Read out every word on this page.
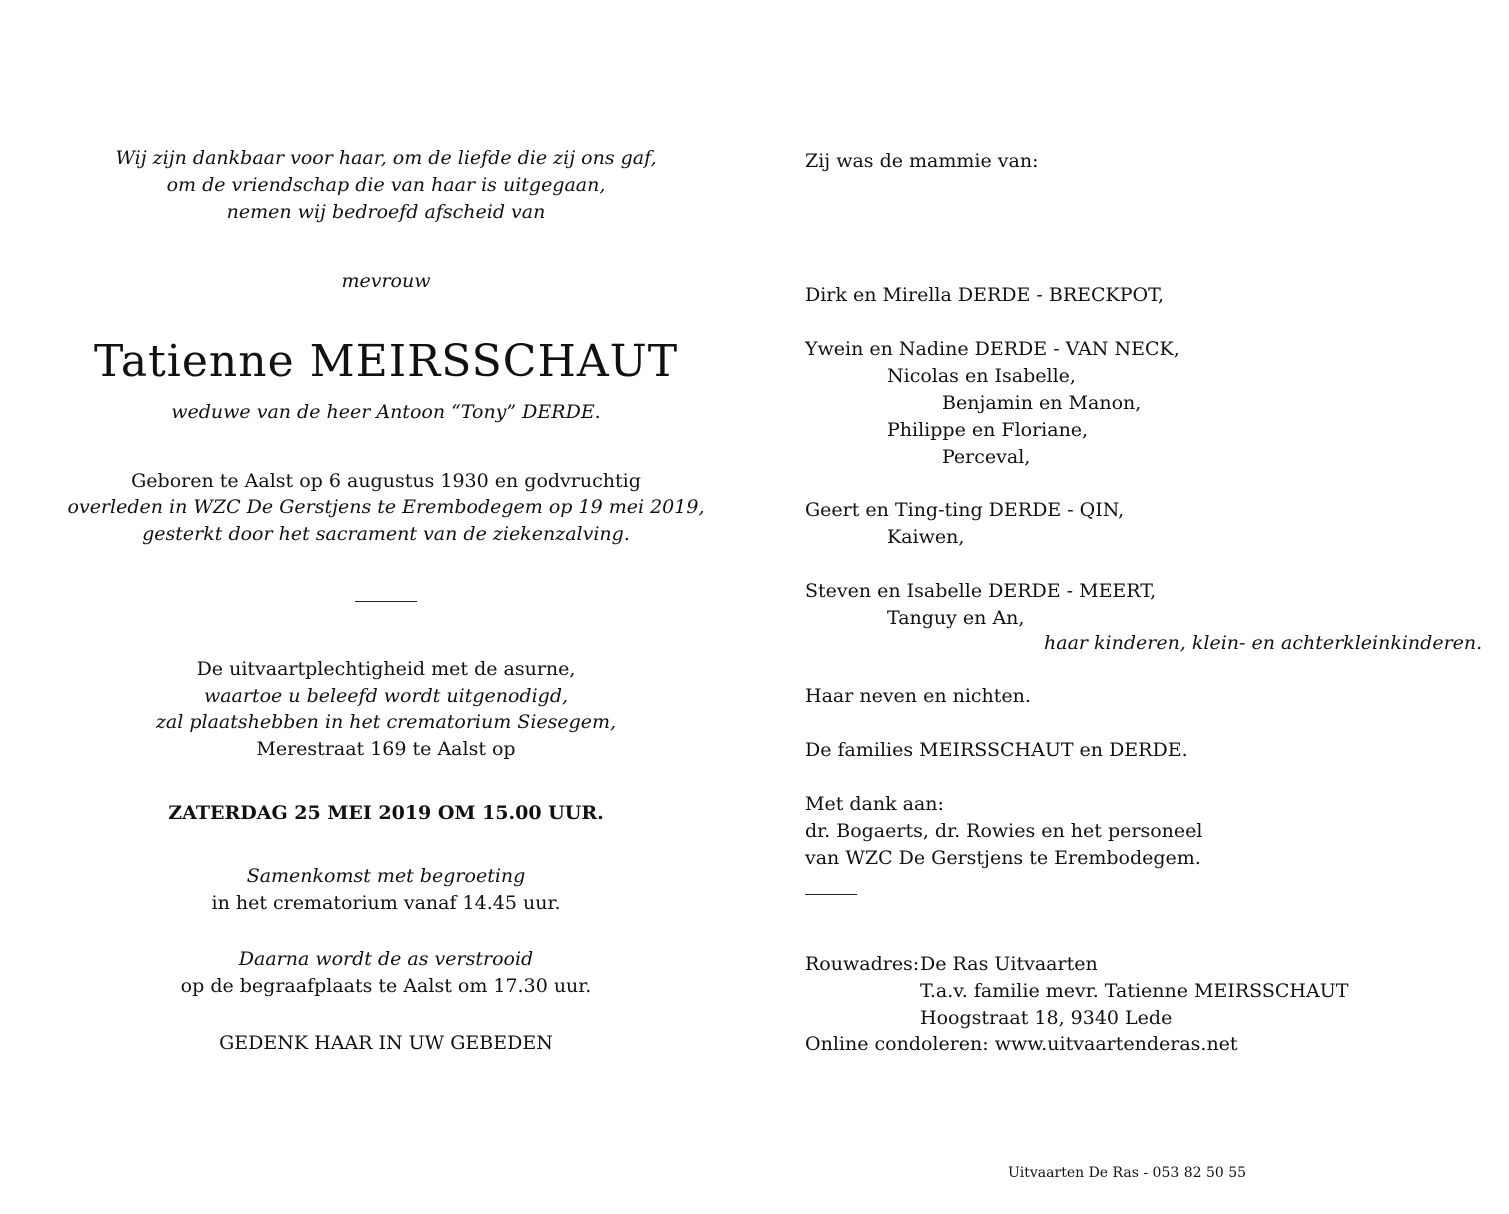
Wij zijn dankbaar voor haar, om de liefde die zij ons gaf,
om de vriendschap die van haar is uitgegaan,
nemen wij bedroefd afscheid van
mevrouw
Tatienne MEIRSSCHAUT
weduwe van de heer Antoon “Tony” DERDE.
Geboren te Aalst op 6 augustus 1930 en godvruchtig
overleden in WZC De Gerstjens te Erembodegem op 19 mei 2019,
gesterkt door het sacrament van de ziekenzalving.
De uitvaartplechtigheid met de asurne,
waartoe u beleefd wordt uitgenodigd,
zal plaatshebben in het crematorium Siesegem,
Merestraat 169 te Aalst op
ZATERDAG 25 MEI 2019 OM 15.00 UUR.
Samenkomst met begroeting
in het crematorium vanaf 14.45 uur.
Daarna wordt de as verstrooid
op de begraafplaats te Aalst om 17.30 uur.
GEDENK HAAR IN UW GEBEDEN
Zij was de mammie van:
Dirk en Mirella DERDE - BRECKPOT,
Ywein en Nadine DERDE - VAN NECK,
Nicolas en Isabelle,
Benjamin en Manon,
Philippe en Floriane,
Perceval,
Geert en Ting-ting DERDE - QIN,
Kaiwen,
Steven en Isabelle DERDE - MEERT,
Tanguy en An,
haar kinderen, klein- en achterkleinkinderen.
Haar neven en nichten.
De families MEIRSSCHAUT en DERDE.
Met dank aan:
dr. Bogaerts, dr. Rowies en het personeel
van WZC De Gerstjens te Erembodegem.
Rouwadres: De Ras Uitvaarten
T.a.v. familie mevr. Tatienne MEIRSSCHAUT
Hoogstraat 18, 9340 Lede
Online condoleren: www.uitvaartenderas.net
Uitvaarten De Ras - 053 82 50 55
